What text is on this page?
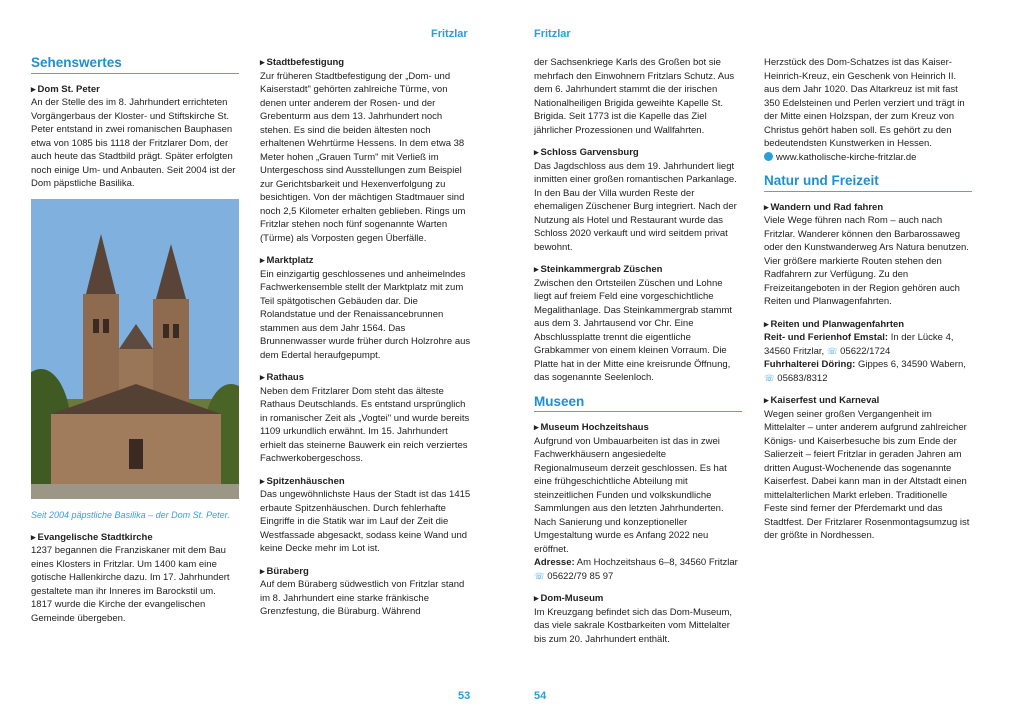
Fritzlar	Fritzlar
Sehenswertes
▸ Dom St. Peter

An der Stelle des im 8. Jahrhundert errichteten Vorgängerbaus der Kloster- und Stiftskirche St. Peter entstand in zwei romanischen Bauphasen etwa von 1085 bis 1118 der Fritzlarer Dom, der auch heute das Stadtbild prägt. Später erfolgten noch einige Um- und Anbauten. Seit 2004 ist der Dom päpstliche Basilika.

Seit 2004 päpstliche Basilika – der Dom St. Peter.
▸ Evangelische Stadtkirche

1237 begannen die Franziskaner mit dem Bau eines Klosters in Fritzlar. Um 1400 kam eine gotische Hallenkirche dazu. Im 17. Jahrhundert gestaltete man ihr Inneres im Barockstil um. 1817 wurde die Kirche der evangelischen Gemeinde übergeben.

▸ Stadtbefestigung

Zur früheren Stadtbefestigung der „Dom- und Kaiserstadt" gehörten zahlreiche Türme, von denen unter anderem der Rosen- und der Grebenturm aus dem 13. Jahrhundert noch stehen. Es sind die beiden ältesten noch erhaltenen Wehrtürme Hessens. In dem etwa 38 Meter hohen „Grauen Turm" mit Verließ im Untergeschoss sind Ausstellungen zum Beispiel zur Gerichtsbarkeit und Hexenverfolgung zu besichtigen. Von der mächtigen Stadtmauer sind noch 2,5 Kilometer erhalten geblieben. Rings um Fritzlar stehen noch fünf sogenannte Warten (Türme) als Vorposten gegen Überfälle.

▸ Marktplatz

Ein einzigartig geschlossenes und anheimelndes Fachwerkensemble stellt der Marktplatz mit zum Teil spätgotischen Gebäuden dar. Die Rolandstatue und der Renaissancebrunnen stammen aus dem Jahr 1564. Das Brunnenwasser wurde früher durch Holzrohre aus dem Edertal heraufgepumpt.

▸ Rathaus

Neben dem Fritzlarer Dom steht das älteste Rathaus Deutschlands. Es entstand ursprünglich in romanischer Zeit als „Vogtei" und wurde bereits 1109 urkundlich erwähnt. Im 15. Jahrhundert erhielt das steinerne Bauwerk ein reich verziertes Fachwerkobergeschoss.

▸ Spitzenhäuschen

Das ungewöhnlichste Haus der Stadt ist das 1415 erbaute Spitzenhäuschen. Durch fehlerhafte Eingriffe in die Statik war im Lauf der Zeit die Westfassade abgesackt, sodass keine Wand und keine Decke mehr im Lot ist.

▸ Büraberg

Auf dem Büraberg südwestlich von Fritzlar stand im 8. Jahrhundert eine starke fränkische Grenzfestung, die Büraburg. Während

der Sachsenkriege Karls des Großen bot sie mehrfach den Einwohnern Fritzlars Schutz. Aus dem 6. Jahrhundert stammt die der irischen Nationalheiligen Brigida geweihte Kapelle St. Brigida. Seit 1773 ist die Kapelle das Ziel jährlicher Prozessionen und Wallfahrten.

▸ Schloss Garvensburg

Das Jagdschloss aus dem 19. Jahrhundert liegt inmitten einer großen romantischen Parkanlage. In den Bau der Villa wurden Reste der ehemaligen Züschener Burg integriert. Nach der Nutzung als Hotel und Restaurant wurde das Schloss 2020 verkauft und wird seitdem privat bewohnt.

▸ Steinkammergrab Züschen

Zwischen den Ortsteilen Züschen und Lohne liegt auf freiem Feld eine vorgeschichtliche Megalithanlage. Das Steinkammergrab stammt aus dem 3. Jahrtausend vor Chr. Eine Abschlussplatte trennt die eigentliche Grabkammer von einem kleinen Vorraum. Die Platte hat in der Mitte eine kreisrunde Öffnung, das sogenannte Seelenloch.

Museen
▸ Museum Hochzeitshaus

Aufgrund von Umbauarbeiten ist das in zwei Fachwerkhäusern angesiedelte Regionalmuseum derzeit geschlossen. Es hat eine frühgeschichtliche Abteilung mit steinzeitlichen Funden und volkskundliche Sammlungen aus den letzten Jahrhunderten. Nach Sanierung und konzeptioneller Umgestaltung wurde es Anfang 2022 neu eröffnet.

Adresse: Am Hochzeitshaus 6–8, 34560 Fritzlar ☏ 05622/79 85 97

▸ Dom-Museum

Im Kreuzgang befindet sich das Dom-Museum, das viele sakrale Kostbarkeiten vom Mittelalter bis zum 20. Jahrhundert enthält.

Herzstück des Dom-Schatzes ist das Kaiser-Heinrich-Kreuz, ein Geschenk von Heinrich II. aus dem Jahr 1020. Das Altarkreuz ist mit fast 350 Edelsteinen und Perlen verziert und trägt in der Mitte einen Holzspan, der zum Kreuz von Christus gehört haben soll. Es gehört zu den bedeutendsten Kunstwerken in Hessen.

www.katholische-kirche-fritzlar.de

Natur und Freizeit
▸ Wandern und Rad fahren

Viele Wege führen nach Rom – auch nach Fritzlar. Wanderer können den Barbarossaweg oder den Kunstwanderweg Ars Natura benutzen. Vier größere markierte Routen stehen den Radfahrern zur Verfügung. Zu den Freizeitangeboten in der Region gehören auch Reiten und Planwagenfahrten.

▸ Reiten und Planwagenfahrten

Reit- und Ferienhof Emstal: In der Lücke 4, 34560 Fritzlar, ☏ 05622/1724

Fuhrhalterei Döring: Gippes 6, 34590 Wabern, ☏ 05683/8312

▸ Kaiserfest und Karneval

Wegen seiner großen Vergangenheit im Mittelalter – unter anderem aufgrund zahlreicher Königs- und Kaiserbesuche bis zum Ende der Salierzeit – feiert Fritzlar in geraden Jahren am dritten August-Wochenende das sogenannte Kaiserfest. Dabei kann man in der Altstadt einen mittelalterlichen Markt erleben. Traditionelle Feste sind ferner der Pferdemarkt und das Stadtfest. Der Fritzlarer Rosenmontagsumzug ist der größte in Nordhessen.

53	54
